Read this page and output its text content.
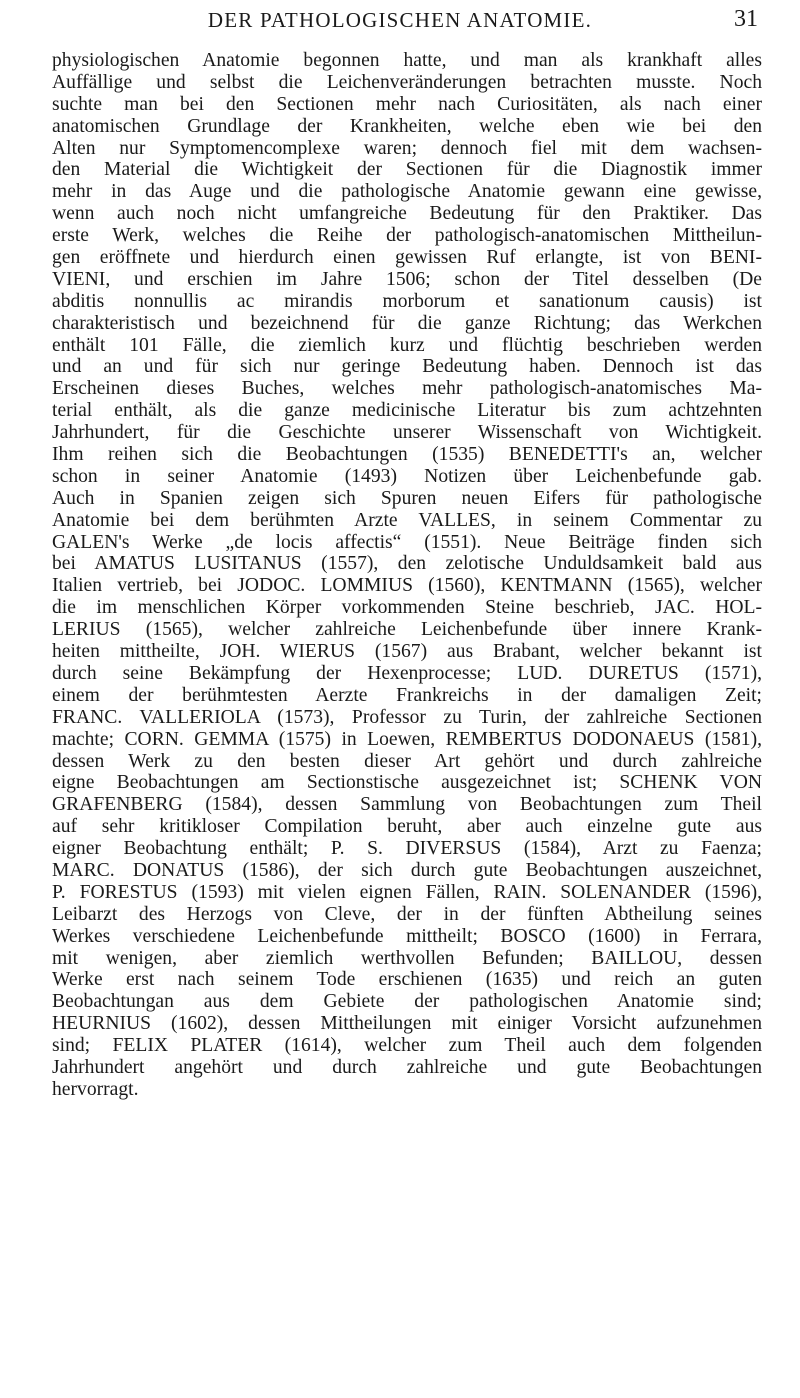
DER PATHOLOGISCHEN ANATOMIE.	31
physiologischen Anatomie begonnen hatte, und man als krankhaft alles
Auffällige und selbst die Leichenveränderungen betrachten musste. Noch
suchte man bei den Sectionen mehr nach Curiositäten, als nach einer
anatomischen Grundlage der Krankheiten, welche eben wie bei den
Alten nur Symptomencomplexe waren; dennoch fiel mit dem wachsen-
den Material die Wichtigkeit der Sectionen für die Diagnostik immer
mehr in das Auge und die pathologische Anatomie gewann eine gewisse,
wenn auch noch nicht umfangreiche Bedeutung für den Praktiker. Das
erste Werk, welches die Reihe der pathologisch-anatomischen Mittheilun-
gen eröffnete und hierdurch einen gewissen Ruf erlangte, ist von BENI-
VIENI, und erschien im Jahre 1506; schon der Titel desselben (De
abditis nonnullis ac mirandis morborum et sanationum causis) ist
charakteristisch und bezeichnend für die ganze Richtung; das Werkchen
enthält 101 Fälle, die ziemlich kurz und flüchtig beschrieben werden
und an und für sich nur geringe Bedeutung haben. Dennoch ist das
Erscheinen dieses Buches, welches mehr pathologisch-anatomisches Ma-
terial enthält, als die ganze medicinische Literatur bis zum achtzehnten
Jahrhundert, für die Geschichte unserer Wissenschaft von Wichtigkeit.
Ihm reihen sich die Beobachtungen (1535) BENEDETTI's an, welcher
schon in seiner Anatomie (1493) Notizen über Leichenbefunde gab.
Auch in Spanien zeigen sich Spuren neuen Eifers für pathologische
Anatomie bei dem berühmten Arzte VALLES, in seinem Commentar zu
GALEN's Werke „de locis affectis“ (1551). Neue Beiträge finden sich
bei AMATUS LUSITANUS (1557), den zelotische Unduldsamkeit bald aus
Italien vertrieb, bei JODOC. LOMMIUS (1560), KENTMANN (1565), welcher
die im menschlichen Körper vorkommenden Steine beschrieb, JAC. HOL-
LERIUS (1565), welcher zahlreiche Leichenbefunde über innere Krank-
heiten mittheilte, JOH. WIERUS (1567) aus Brabant, welcher bekannt ist
durch seine Bekämpfung der Hexenprocesse; LUD. DURETUS (1571),
einem der berühmtesten Aerzte Frankreichs in der damaligen Zeit;
FRANC. VALLERIOLA (1573), Professor zu Turin, der zahlreiche Sectionen
machte; CORN. GEMMA (1575) in Loewen, REMBERTUS DODONAEUS (1581),
dessen Werk zu den besten dieser Art gehört und durch zahlreiche
eigne Beobachtungen am Sectionstische ausgezeichnet ist; SCHENK VON
GRAFENBERG (1584), dessen Sammlung von Beobachtungen zum Theil
auf sehr kritikloser Compilation beruht, aber auch einzelne gute aus
eigner Beobachtung enthält; P. S. DIVERSUS (1584), Arzt zu Faenza;
MARC. DONATUS (1586), der sich durch gute Beobachtungen auszeichnet,
P. FORESTUS (1593) mit vielen eignen Fällen, RAIN. SOLENANDER (1596),
Leibarzt des Herzogs von Cleve, der in der fünften Abtheilung seines
Werkes verschiedene Leichenbefunde mittheilt; BOSCO (1600) in Ferrara,
mit wenigen, aber ziemlich werthvollen Befunden; BAILLOU, dessen
Werke erst nach seinem Tode erschienen (1635) und reich an guten
Beobachtungan aus dem Gebiete der pathologischen Anatomie sind;
HEURNIUS (1602), dessen Mittheilungen mit einiger Vorsicht aufzunehmen
sind; FELIX PLATER (1614), welcher zum Theil auch dem folgenden
Jahrhundert angehört und durch zahlreiche und gute Beobachtungen
hervorragt.
